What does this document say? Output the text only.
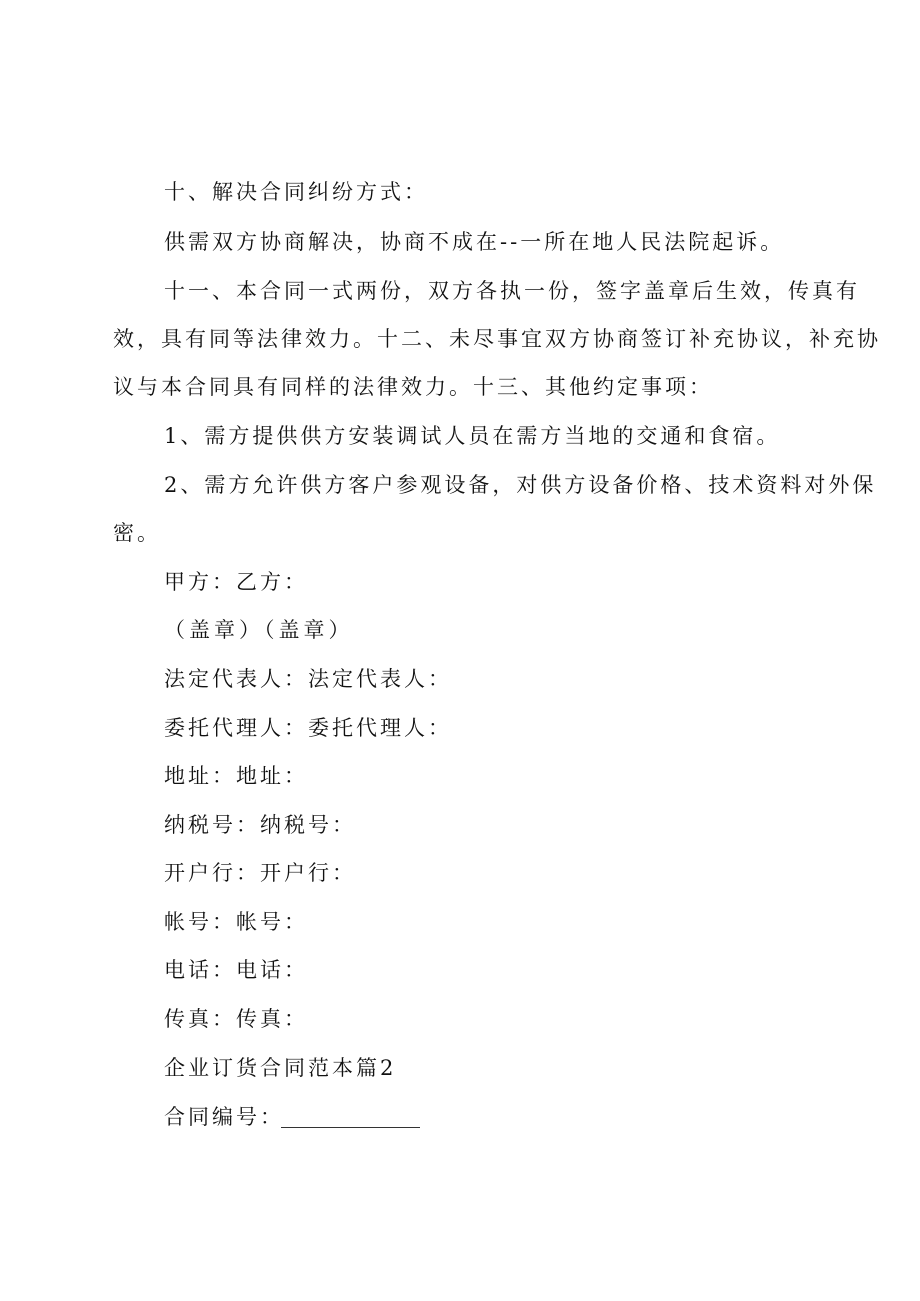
十、解决合同纠纷方式：

供需双方协商解决，协商不成在--一所在地人民法院起诉。

十一、本合同一式两份，双方各执一份，签字盖章后生效，传真有

效，具有同等法律效力。十二、未尽事宜双方协商签订补充协议，补充协

议与本合同具有同样的法律效力。十三、其他约定事项：

1、需方提供供方安装调试人员在需方当地的交通和食宿。

2、需方允许供方客户参观设备，对供方设备价格、技术资料对外保

密。

甲方：乙方：

（盖章）（盖章）

法定代表人：法定代表人：

委托代理人：委托代理人：

地址：地址：

纳税号：纳税号：

开户行：开户行：

帐号：帐号：

电话：电话：

传真：传真：

企业订货合同范本篇2

合同编号：
